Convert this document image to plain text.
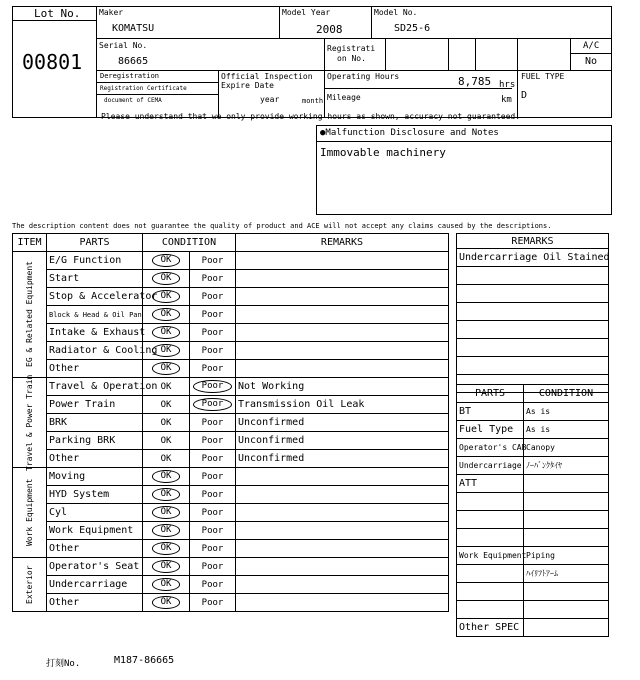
Lot No.
00801
Maker
KOMATSU
Model Year
2008
Model No.
SD25-6
Serial No.
86665
Registrati
on No.
A/C
No
Deregistration
Registration Certificate
document of CEMA
Official Inspection
Expire Date
year	month
Operating Hours	8,785 hrs
Mileage	km
FUEL TYPE
D
Please understand that we only provide working hours as shown, accuracy not guaranteed.
●Malfunction Disclosure and Notes
Immovable machinery
The description content does not guarantee the quality of product and ACE will not accept any claims caused by the descriptions.
ITEM	PARTS	CONDITION		REMARKS

EG & Related Equipment	E/G Function	OK	Poor	
	Start	OK	Poor	
	Stop & Accelerator	OK	Poor	
	Block & Head & Oil Pan	OK	Poor	
	Intake & Exhaust	OK	Poor	
	Radiator & Cooling	OK	Poor	
	Other	OK	Poor	

Travel & Power Train	Travel & Operation	OK	Poor	Not Working
	Power Train	OK	Poor	Transmission Oil Leak
	BRK	OK	Poor	Unconfirmed
	Parking BRK	OK	Poor	Unconfirmed
	Other	OK	Poor	Unconfirmed

Work Equipment	Moving	OK	Poor	
	HYD System	OK	Poor	
	Cyl	OK	Poor	
	Work Equipment	OK	Poor	
	Other	OK	Poor	

Exterior	Operator's Seat	OK	Poor	
	Undercarriage	OK	Poor	
	Other	OK	Poor	
REMARKS
Undercarriage Oil Stained

PARTS	CONDITION
BT	As is
Fuel Type	As is
Operator's CAB	Canopy
Undercarriage	ﾉｰﾊﾞﾝｸﾀｲﾔ
ATT	

Work Equipment	Piping
	ﾊｲﾘﾌﾄｱｰﾑ

Other SPEC	
打刻No.	M187-86665
